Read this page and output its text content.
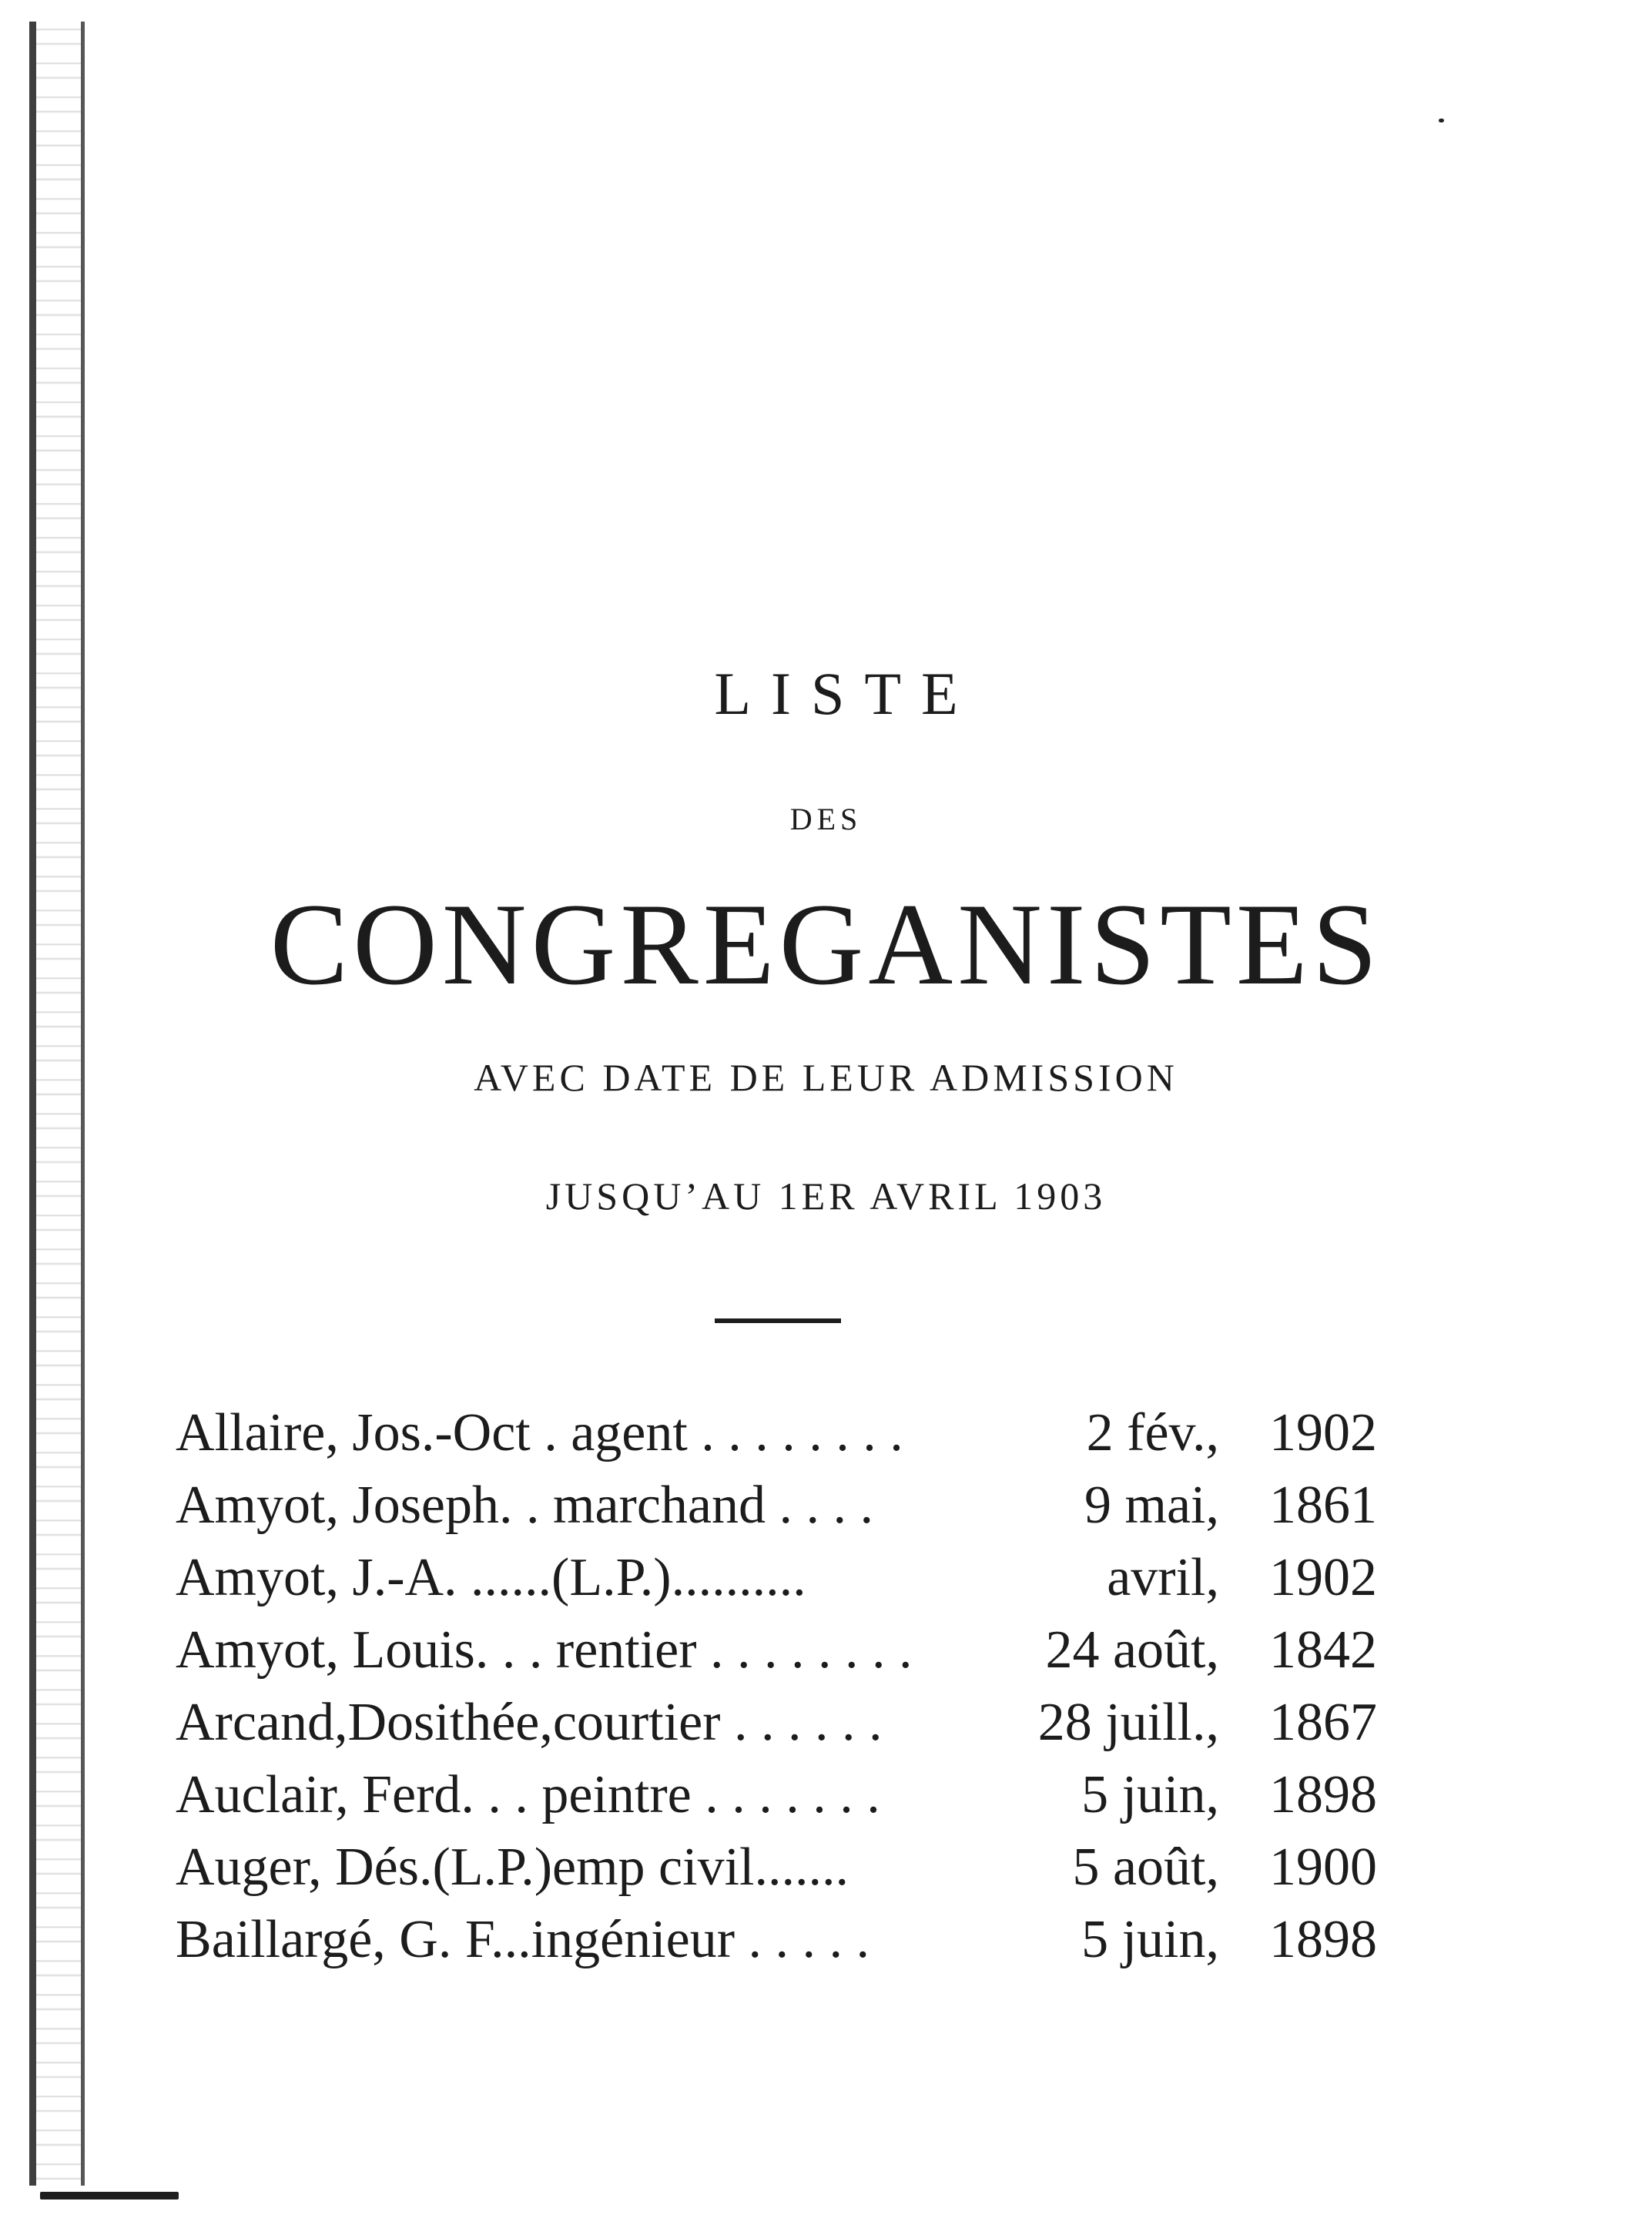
LISTE
DES
CONGREGANISTES
AVEC DATE DE LEUR ADMISSION
JUSQU’AU 1ER AVRIL 1903
Allaire, Jos.-Oct . agent . . . . . . . .	2 fév., 1902
Amyot, Joseph. . marchand . . . .	9 mai, 1861
Amyot, J.-A. ......(L.P.)..........	avril, 1902
Amyot, Louis. . . rentier . . . . . . . . 24 août, 1842
Arcand,Dosithée,courtier . . . . . .	28 juill., 1867
Auclair, Ferd. . . peintre . . . . . . .	5 juin, 1898
Auger, Dés.(L.P.)emp civil.......	5 août, 1900
Baillargé, G. F...ingénieur . . . . .	5 juin, 1898
